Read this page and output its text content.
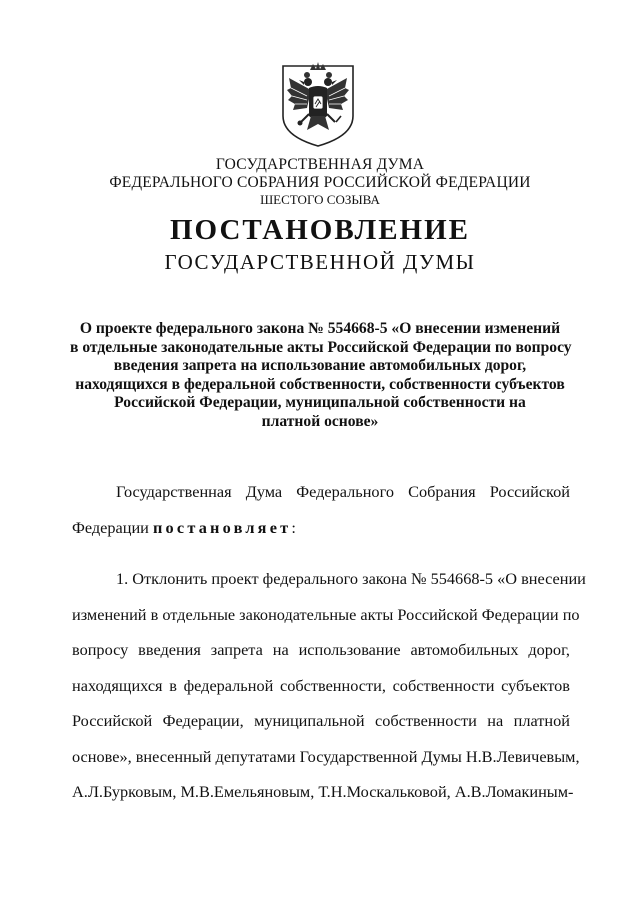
ГОСУДАРСТВЕННАЯ ДУМА
ФЕДЕРАЛЬНОГО СОБРАНИЯ РОССИЙСКОЙ ФЕДЕРАЦИИ
ШЕСТОГО СОЗЫВА
ПОСТАНОВЛЕНИЕ
ГОСУДАРСТВЕННОЙ ДУМЫ
О проекте федерального закона № 554668-5 «О внесении изменений
в отдельные законодательные акты Российской Федерации по вопросу
введения запрета на использование автомобильных дорог,
находящихся в федеральной собственности, собственности субъектов
Российской Федерации, муниципальной собственности на
платной основе»
Государственная Дума Федерального Собрания Российской
Федерации постановляет:
1. Отклонить проект федерального закона № 554668-5 «О внесении
изменений в отдельные законодательные акты Российской Федерации по
вопросу введения запрета на использование автомобильных дорог,
находящихся в федеральной собственности, собственности субъектов
Российской Федерации, муниципальной собственности на платной
основе», внесенный депутатами Государственной Думы Н.В.Левичевым,
А.Л.Бурковым, М.В.Емельяновым, Т.Н.Москальковой, А.В.Ломакиным-
